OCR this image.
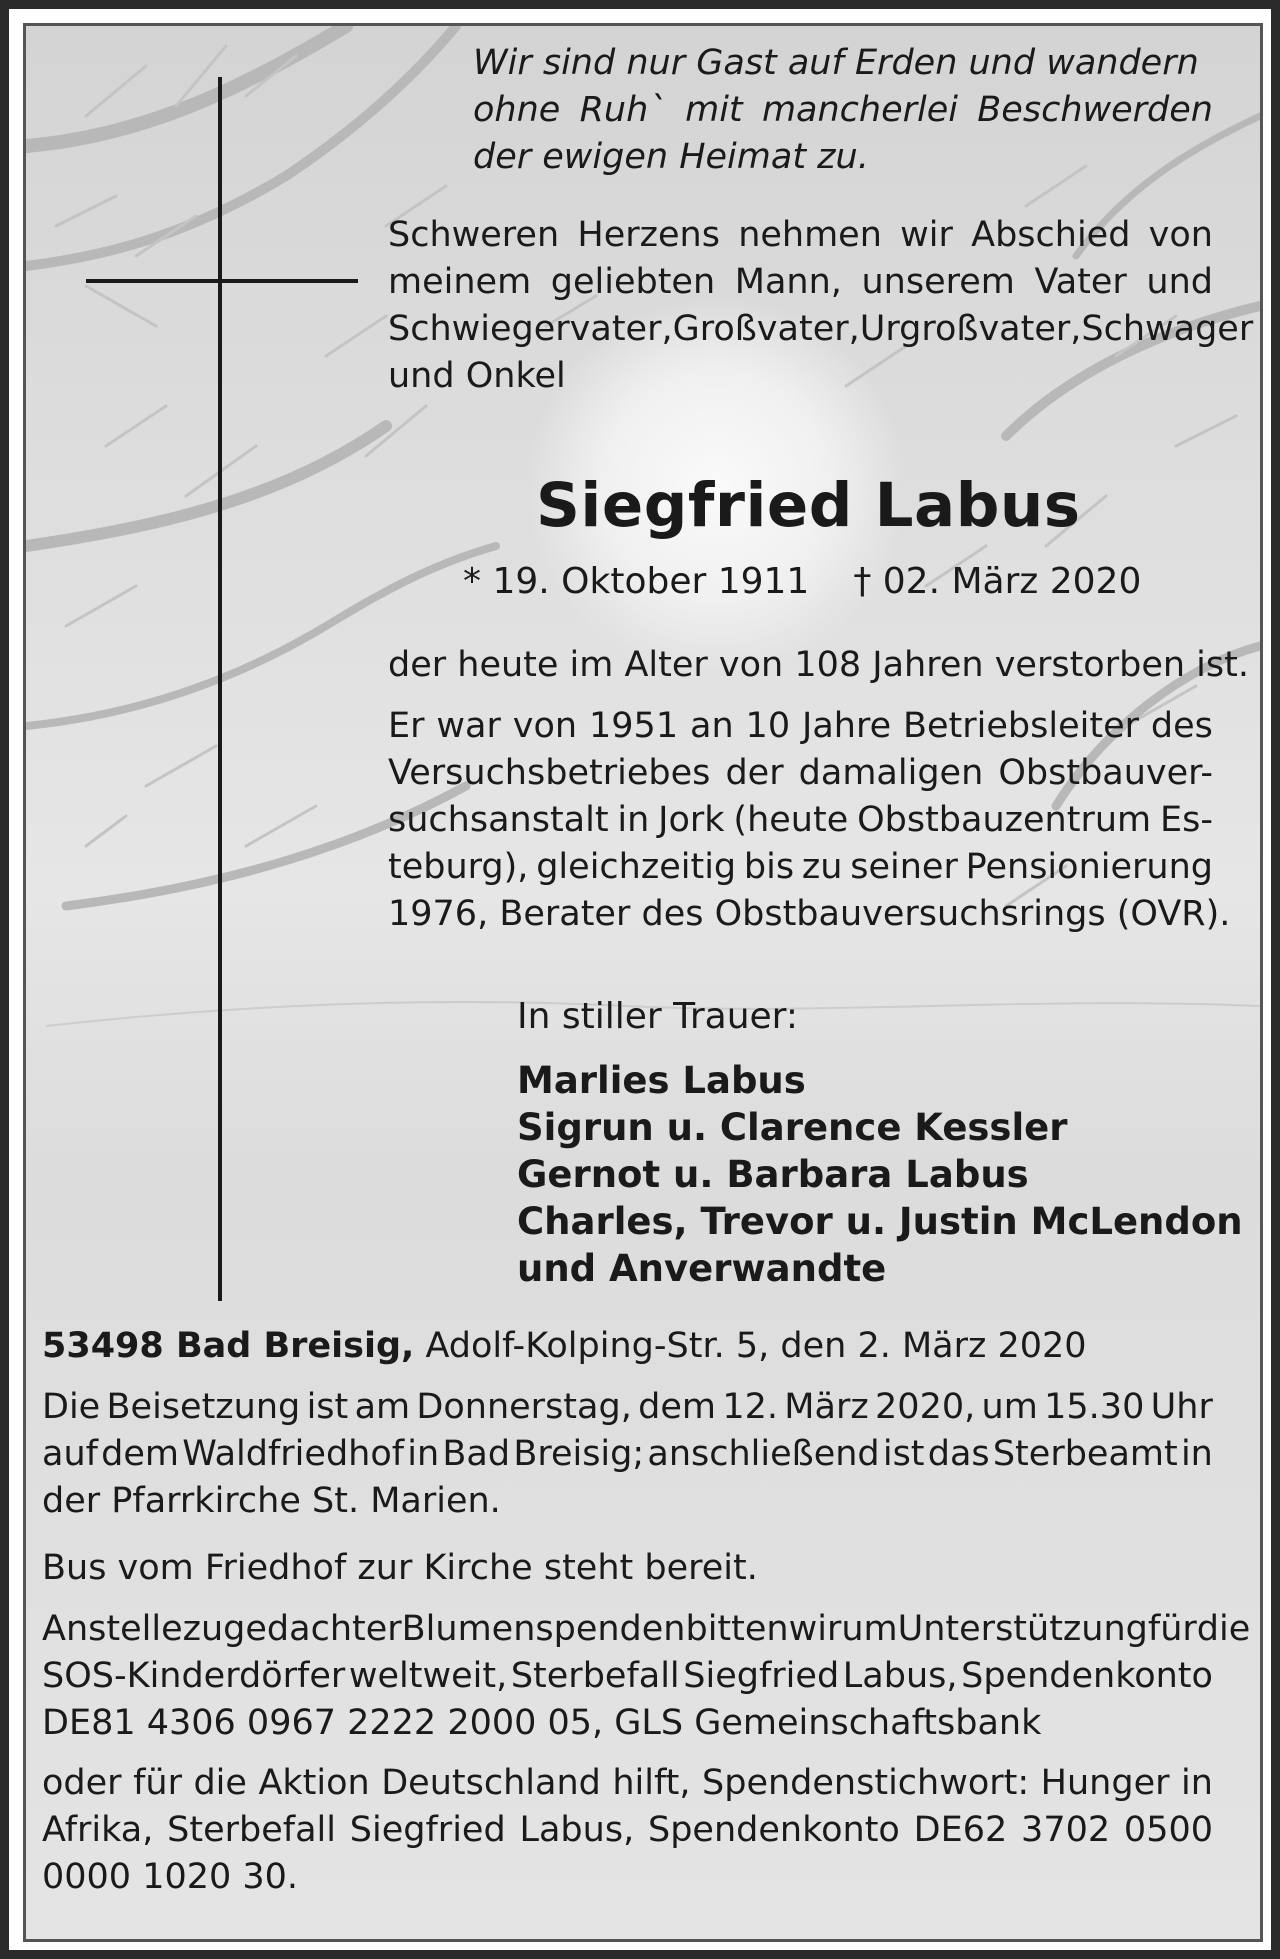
Wir sind nur Gast auf Erden und wandern
ohne Ruh` mit mancherlei Beschwerden
der ewigen Heimat zu.
Schweren Herzens nehmen wir Abschied von
meinem geliebten Mann, unserem Vater und
Schwiegervater, Großvater, Urgroßvater, Schwager
und Onkel
Siegfried Labus
* 19. Oktober 1911 † 02. März 2020
der heute im Alter von 108 Jahren verstorben ist.
Er war von 1951 an 10 Jahre Betriebsleiter des
Versuchsbetriebes der damaligen Obstbauver-
suchsanstalt in Jork (heute Obstbauzentrum Es-
teburg), gleichzeitig bis zu seiner Pensionierung
1976, Berater des Obstbauversuchsrings (OVR).
In stiller Trauer:
Marlies Labus
Sigrun u. Clarence Kessler
Gernot u. Barbara Labus
Charles, Trevor u. Justin McLendon
und Anverwandte
53498 Bad Breisig, Adolf-Kolping-Str. 5, den 2. März 2020
Die Beisetzung ist am Donnerstag, dem 12. März 2020, um 15.30 Uhr
auf dem Waldfriedhof in Bad Breisig; anschließend ist das Sterbeamt in
der Pfarrkirche St. Marien.
Bus vom Friedhof zur Kirche steht bereit.
Anstelle zugedachter Blumenspenden bitten wir um Unterstützung für die
SOS-Kinderdörfer weltweit, Sterbefall Siegfried Labus, Spendenkonto
DE81 4306 0967 2222 2000 05, GLS Gemeinschaftsbank
oder für die Aktion Deutschland hilft, Spendenstichwort: Hunger in
Afrika, Sterbefall Siegfried Labus, Spendenkonto DE62 3702 0500
0000 1020 30.
